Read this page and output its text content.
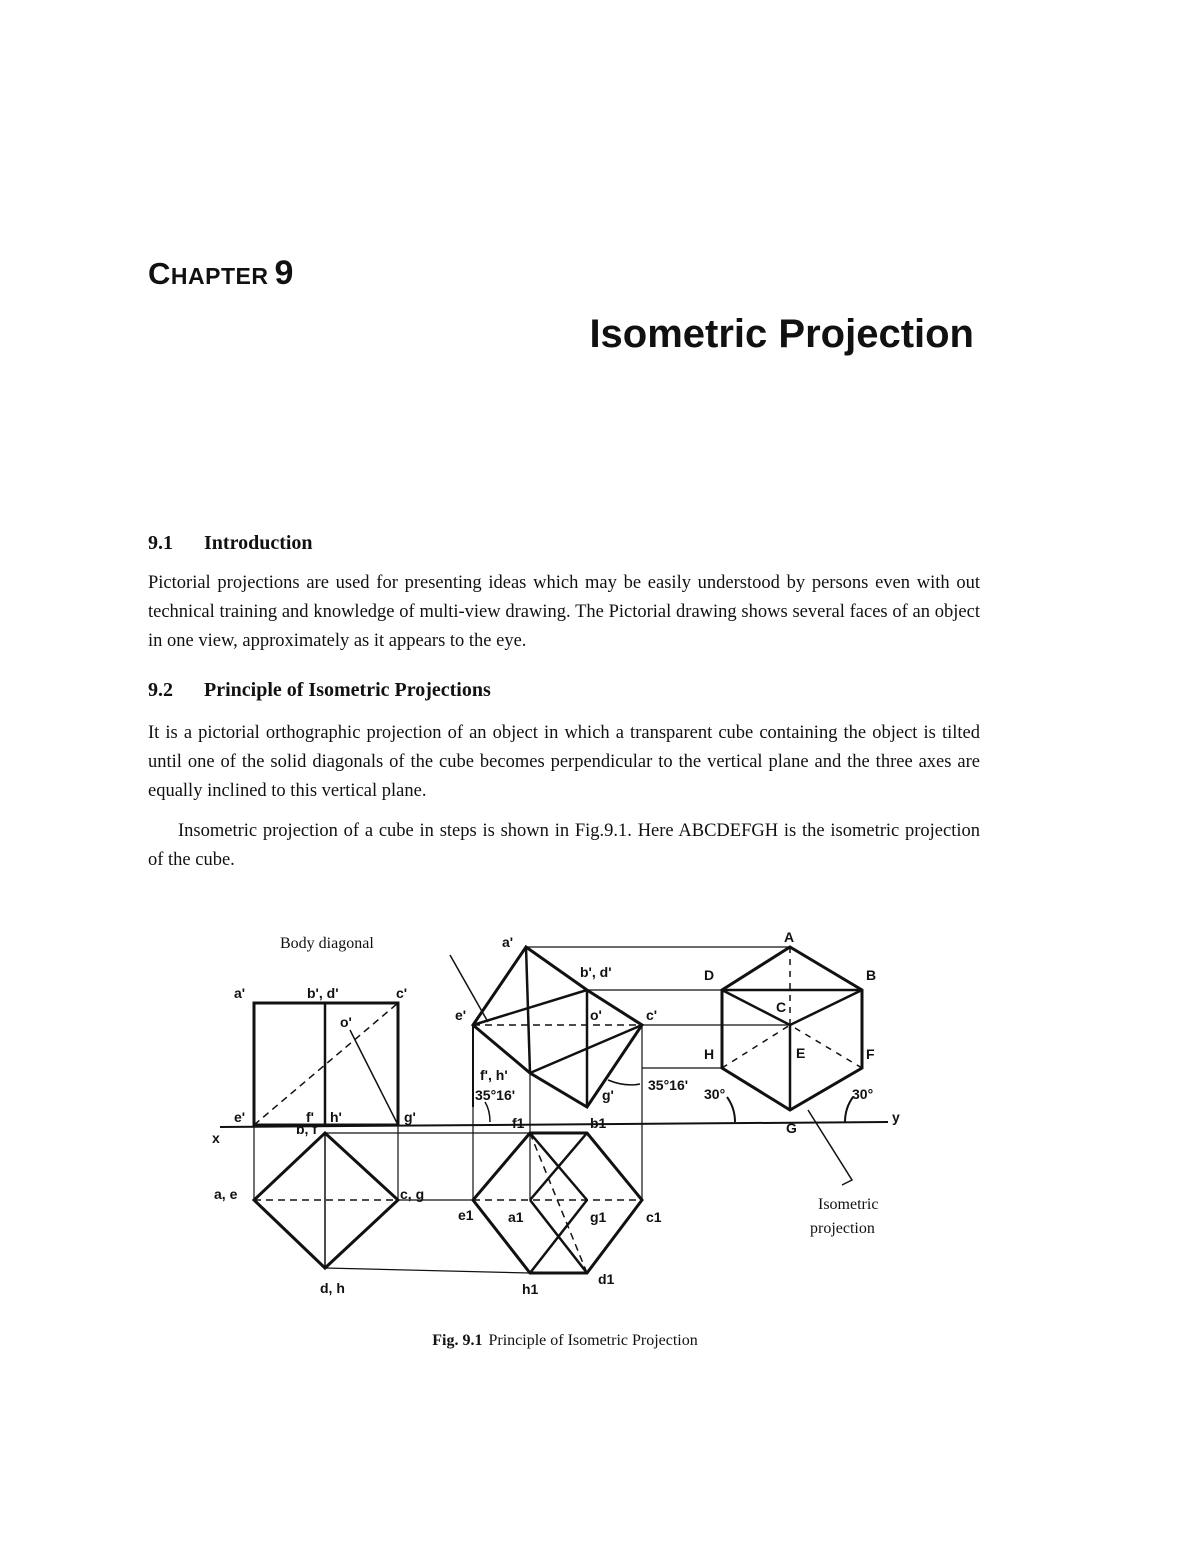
CHAPTER 9
Isometric Projection
9.1 Introduction
Pictorial projections are used for presenting ideas which may be easily understood by persons even with out technical training and knowledge of multi-view drawing. The Pictorial drawing shows several faces of an object in one view, approximately as it appears to the eye.
9.2 Principle of Isometric Projections
It is a pictorial orthographic projection of an object in which a transparent cube containing the object is tilted until one of the solid diagonals of the cube becomes perpendicular to the vertical plane and the three axes are equally inclined to this vertical plane.
Insometric projection of a cube in steps is shown in Fig.9.1. Here ABCDEFGH is the isometric projection of the cube.
Body diagonal
Isometric
projection
a'	b', d'	c'
o'
e'	f' h'	g'
x
y
b, f
a, e	c, g
d, h
a'
b', d'
o'	c'
e'
f', h'
g'
35°16'
35°16'
f1	b1
e1 a1	g1	c1
h1
d1
A
B
C
D
E	F
G
H
30°	30°
Fig. 9.1 Principle of Isometric Projection
